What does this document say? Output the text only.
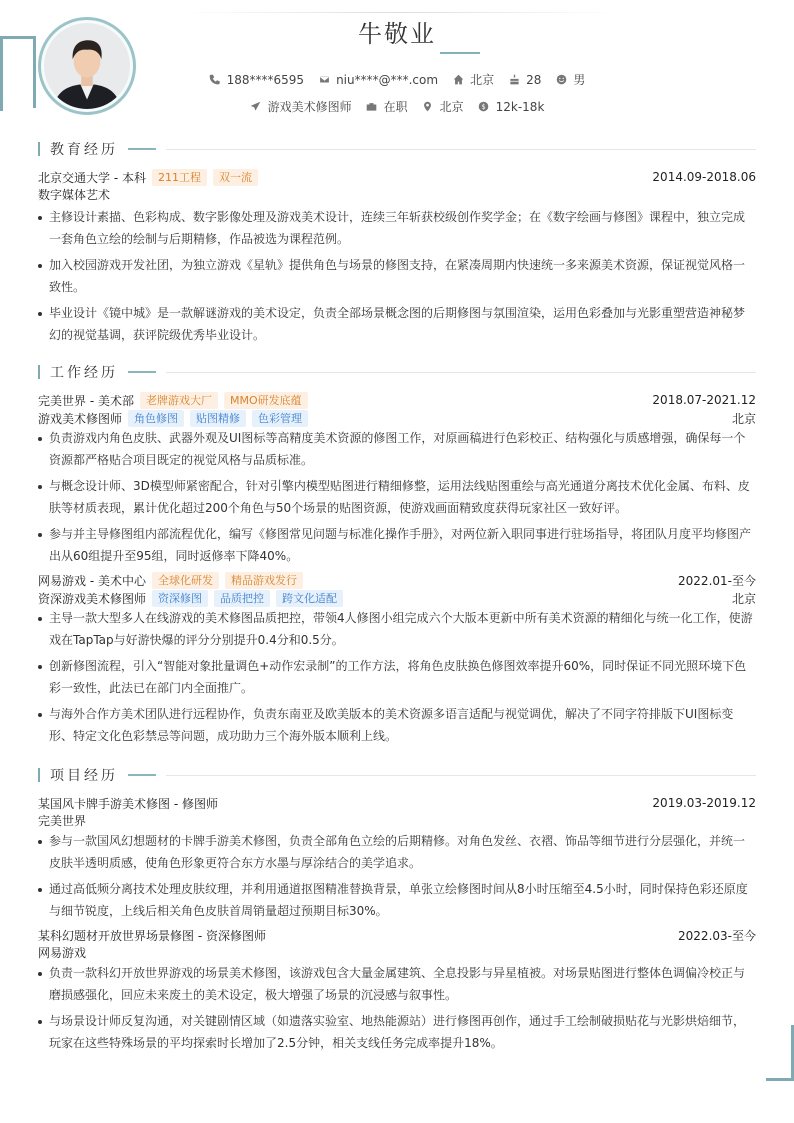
牛敬业
188****6595	niu****@***.com	北京	28	男
游戏美术修图师	在职	北京 $ 12k-18k
教育经历
北京交通大学 - 本科	211工程	双一流	2014.09-2018.06
数字媒体艺术
主修设计素描、色彩构成、数字影像处理及游戏美术设计，连续三年斩获校级创作奖学金；在《数字绘画与修图》课程中，独立完成一套角色立绘的绘制与后期精修，作品被选为课程范例。
加入校园游戏开发社团，为独立游戏《星轨》提供角色与场景的修图支持，在紧凑周期内快速统一多来源美术资源，保证视觉风格一致性。
毕业设计《镜中城》是一款解谜游戏的美术设定，负责全部场景概念图的后期修图与氛围渲染，运用色彩叠加与光影重塑营造神秘梦幻的视觉基调，获评院级优秀毕业设计。
工作经历
完美世界 - 美术部	老牌游戏大厂	MMO研发底蕴	2018.07-2021.12
游戏美术修图师	角色修图	贴图精修	色彩管理	北京
负责游戏内角色皮肤、武器外观及UI图标等高精度美术资源的修图工作，对原画稿进行色彩校正、结构强化与质感增强，确保每一个资源都严格贴合项目既定的视觉风格与品质标准。
与概念设计师、3D模型师紧密配合，针对引擎内模型贴图进行精细修整，运用法线贴图重绘与高光通道分离技术优化金属、布料、皮肤等材质表现，累计优化超过200个角色与50个场景的贴图资源，使游戏画面精致度获得玩家社区一致好评。
参与并主导修图组内部流程优化，编写《修图常见问题与标准化操作手册》，对两位新入职同事进行驻场指导，将团队月度平均修图产出从60组提升至95组，同时返修率下降40%。
网易游戏 - 美术中心	全球化研发	精品游戏发行	2022.01-至今
资深游戏美术修图师	资深修图	品质把控	跨文化适配	北京
主导一款大型多人在线游戏的美术修图品质把控，带领4人修图小组完成六个大版本更新中所有美术资源的精细化与统一化工作，使游戏在TapTap与好游快爆的评分分别提升0.4分和0.5分。
创新修图流程，引入“智能对象批量调色+动作宏录制”的工作方法，将角色皮肤换色修图效率提升60%，同时保证不同光照环境下色彩一致性，此法已在部门内全面推广。
与海外合作方美术团队进行远程协作，负责东南亚及欧美版本的美术资源多语言适配与视觉调优，解决了不同字符排版下UI图标变形、特定文化色彩禁忌等问题，成功助力三个海外版本顺利上线。
项目经历
某国风卡牌手游美术修图 - 修图师	2019.03-2019.12
完美世界
参与一款国风幻想题材的卡牌手游美术修图，负责全部角色立绘的后期精修。对角色发丝、衣褶、饰品等细节进行分层强化，并统一皮肤半透明质感，使角色形象更符合东方水墨与厚涂结合的美学追求。
通过高低频分离技术处理皮肤纹理，并利用通道抠图精准替换背景，单张立绘修图时间从8小时压缩至4.5小时，同时保持色彩还原度与细节锐度，上线后相关角色皮肤首周销量超过预期目标30%。
某科幻题材开放世界场景修图 - 资深修图师	2022.03-至今
网易游戏
负责一款科幻开放世界游戏的场景美术修图，该游戏包含大量金属建筑、全息投影与异星植被。对场景贴图进行整体色调偏冷校正与磨损感强化，回应未来废土的美术设定，极大增强了场景的沉浸感与叙事性。
与场景设计师反复沟通，对关键剧情区域（如遗落实验室、地热能源站）进行修图再创作，通过手工绘制破损贴花与光影烘焙细节，玩家在这些特殊场景的平均探索时长增加了2.5分钟，相关支线任务完成率提升18%。
